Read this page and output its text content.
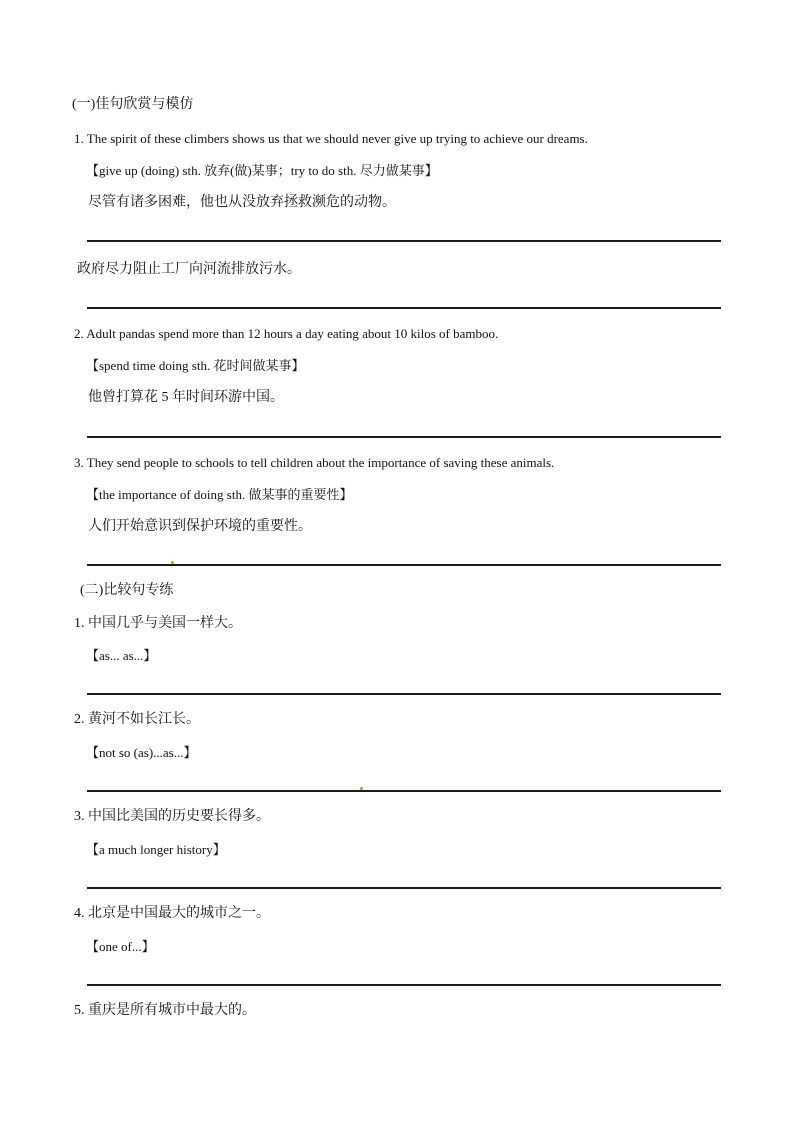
(一)佳句欣赏与模仿
1. The spirit of these climbers shows us that we should never give up trying to achieve our dreams.
【give up (doing) sth. 放弃(做)某事；try to do sth. 尽力做某事】
尽管有诸多困难，他也从没放弃拯救濒危的动物。
政府尽力阻止工厂向河流排放污水。
2. Adult pandas spend more than 12 hours a day eating about 10 kilos of bamboo.
【spend time doing sth. 花时间做某事】
他曾打算花 5 年时间环游中国。
3. They send people to schools to tell children about the importance of saving these animals.
【the importance of doing sth. 做某事的重要性】
人们开始意识到保护环境的重要性。
(二)比较句专练
1. 中国几乎与美国一样大。
【as... as...】
2. 黄河不如长江长。
【not so (as)...as...】
3. 中国比美国的历史要长得多。
【a much longer history】
4. 北京是中国最大的城市之一。
【one of...】
5. 重庆是所有城市中最大的。
